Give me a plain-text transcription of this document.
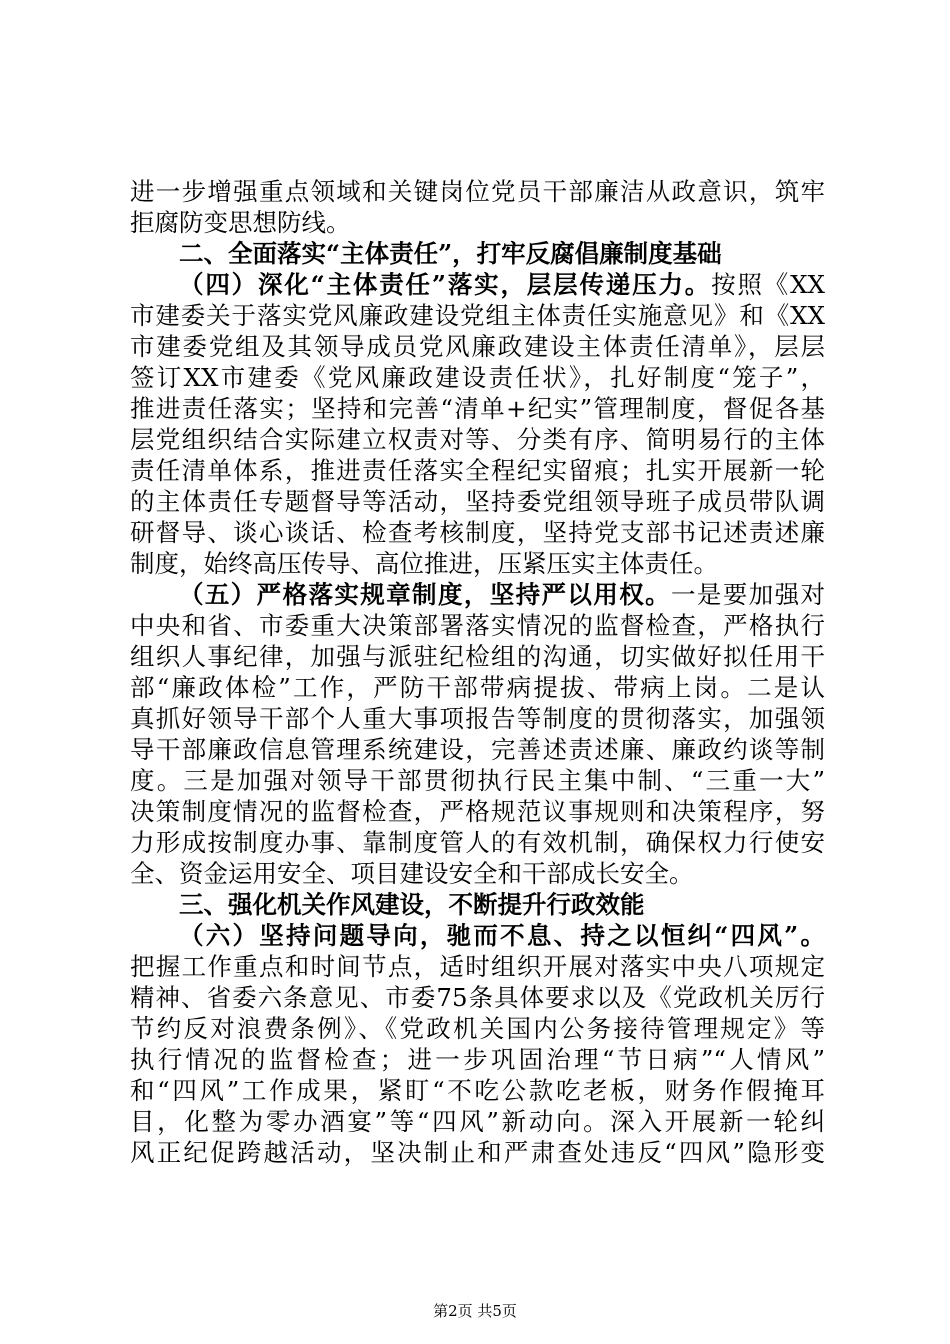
进一步增强重点领域和关键岗位党员干部廉洁从政意识，筑牢
拒腐防变思想防线。
二、全面落实“主体责任”，打牢反腐倡廉制度基础
（四）深化“主体责任”落实，层层传递压力。按照《XX
市建委关于落实党风廉政建设党组主体责任实施意见》和《XX
市建委党组及其领导成员党风廉政建设主体责任清单》，层层
签订XX市建委《党风廉政建设责任状》，扎好制度“笼子”，
推进责任落实；坚持和完善“清单+纪实”管理制度，督促各基
层党组织结合实际建立权责对等、分类有序、简明易行的主体
责任清单体系，推进责任落实全程纪实留痕；扎实开展新一轮
的主体责任专题督导等活动，坚持委党组领导班子成员带队调
研督导、谈心谈话、检查考核制度，坚持党支部书记述责述廉
制度，始终高压传导、高位推进，压紧压实主体责任。
（五）严格落实规章制度，坚持严以用权。一是要加强对
中央和省、市委重大决策部署落实情况的监督检查，严格执行
组织人事纪律，加强与派驻纪检组的沟通，切实做好拟任用干
部“廉政体检”工作，严防干部带病提拔、带病上岗。二是认
真抓好领导干部个人重大事项报告等制度的贯彻落实，加强领
导干部廉政信息管理系统建设，完善述责述廉、廉政约谈等制
度。三是加强对领导干部贯彻执行民主集中制、“三重一大”
决策制度情况的监督检查，严格规范议事规则和决策程序，努
力形成按制度办事、靠制度管人的有效机制，确保权力行使安
全、资金运用安全、项目建设安全和干部成长安全。
三、强化机关作风建设，不断提升行政效能
（六）坚持问题导向，驰而不息、持之以恒纠“四风”。
把握工作重点和时间节点，适时组织开展对落实中央八项规定
精神、省委六条意见、市委75条具体要求以及《党政机关厉行
节约反对浪费条例》、《党政机关国内公务接待管理规定》等
执行情况的监督检查；进一步巩固治理“节日病”“人情风”
和“四风”工作成果，紧盯“不吃公款吃老板，财务作假掩耳
目，化整为零办酒宴”等“四风”新动向。深入开展新一轮纠
风正纪促跨越活动，坚决制止和严肃查处违反“四风”隐形变
第2页 共5页
